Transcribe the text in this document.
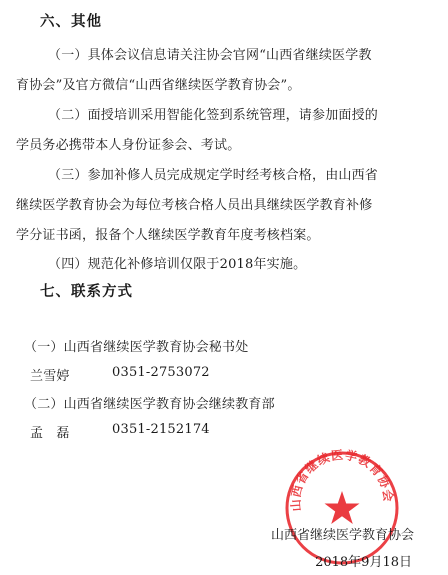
六、其他
（一）具体会议信息请关注协会官网“山西省继续医学教
育协会”及官方微信“山西省继续医学教育协会”。
（二）面授培训采用智能化签到系统管理，请参加面授的
学员务必携带本人身份证参会、考试。
（三）参加补修人员完成规定学时经考核合格，由山西省
继续医学教育协会为每位考核合格人员出具继续医学教育补修
学分证书函，报备个人继续医学教育年度考核档案。
（四）规范化补修培训仅限于2018年实施。
七、联系方式
（一）山西省继续医学教育协会秘书处
兰雪婷	0351-2753072
（二）山西省继续医学教育协会继续教育部
孟　磊	0351-2152174
山西省继续医学教育协会
山西省继续医学教育协会
2018年9月18日
